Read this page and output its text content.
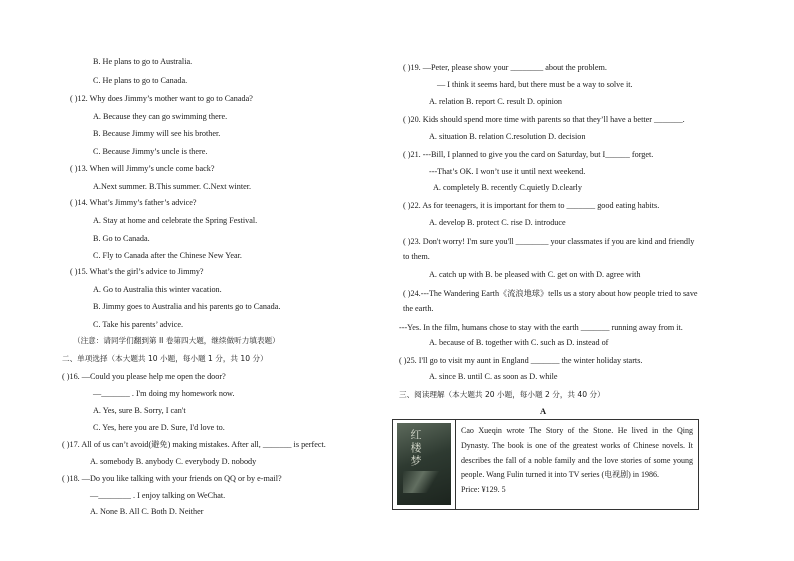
B. He plans to go to Australia.
C. He plans to go to Canada.
( )12. Why does Jimmy’s mother want to go to Canada?
A. Because they can go swimming there.
B. Because Jimmy will see his brother.
C. Because Jimmy’s uncle is there.
( )13. When will Jimmy’s uncle come back?
A.Next summer. B.This summer. C.Next winter.
( )14. What’s Jimmy’s father’s advice?
A. Stay at home and celebrate the Spring Festival.
B. Go to Canada.
C. Fly to Canada after the Chinese New Year.
( )15. What’s the girl’s advice to Jimmy?
A. Go to Australia this winter vacation.
B. Jimmy goes to Australia and his parents go to Canada.
C. Take his parents’ advice.
（注意：请同学们翻到第 II 卷第四大题，继续做听力填表题）
二、单项选择（本大题共 10 小题，每小题 1 分，共 10 分）
( )16. —Could you please help me open the door?
—_______ . I'm doing my homework now.
A. Yes, sure B. Sorry, I can't
C. Yes, here you are D. Sure, I'd love to.
( )17. All of us can’t avoid(避免) making mistakes. After all, _______ is perfect.
A. somebody B. anybody C. everybody D. nobody
( )18. —Do you like talking with your friends on QQ or by e-mail?
—________ . I enjoy talking on WeChat.
A. None B. All C. Both D. Neither
( )19. —Peter, please show your ________ about the problem.
— I think it seems hard, but there must be a way to solve it.
A. relation B. report C. result D. opinion
( )20. Kids should spend more time with parents so that they’ll have a better _______.
A. situation B. relation C.resolution D. decision
( )21. ---Bill, I planned to give you the card on Saturday, but I______ forget.
---That’s OK. I won’t use it until next weekend.
A. completely B. recently C.quietly D.clearly
( )22. As for teenagers, it is important for them to _______ good eating habits.
A. develop B. protect C. rise D. introduce
( )23. Don't worry! I'm sure you'll ________ your classmates if you are kind and friendly
to them.
A. catch up with B. be pleased with C. get on with D. agree with
( )24.---The Wandering Earth《流浪地球》tells us a story about how people tried to save
the earth.
---Yes. In the film, humans chose to stay with the earth _______ running away from it.
A. because of B. together with C. such as D. instead of
( )25. I'll go to visit my aunt in England _______ the winter holiday starts.
A. since B. until C. as soon as D. while
三、阅读理解（本大题共 20 小题，每小题 2 分，共 40 分）
A
红楼梦	Cao Xueqin wrote The Story of the Stone. He lived in the Qing Dynasty. The book is one of the greatest works of Chinese novels. It describes the fall of a noble family and the love stories of some young people. Wang Fulin turned it into TV series (电视剧) in 1986.
Price: ¥129. 5
